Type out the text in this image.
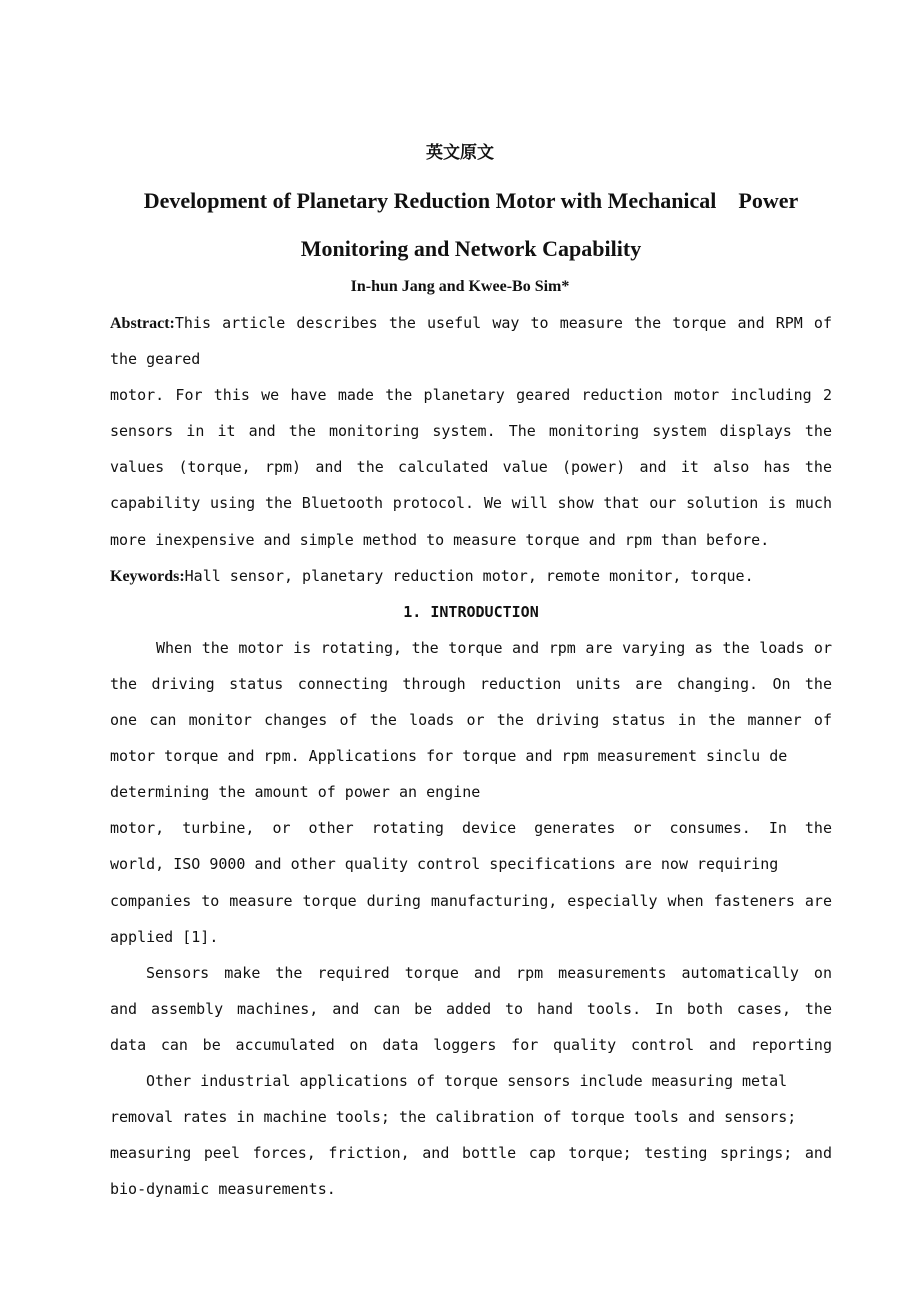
英文原文
Development of Planetary Reduction Motor with Mechanical    Power
Monitoring and Network Capability
In-hun Jang and Kwee-Bo Sim*
Abstract:This article describes the useful way to measure the torque and RPM of
the geared
motor. For this we have made the planetary geared reduction motor including 2
sensors in it and the monitoring system. The monitoring system displays the
values (torque, rpm) and the calculated value (power) and it also has the
capability using the Bluetooth protocol. We will show that our solution is much
more inexpensive and simple method to measure torque and rpm than before.
Keywords:Hall sensor, planetary reduction motor, remote monitor, torque.
1. INTRODUCTION
When the motor is rotating, the torque and rpm are varying as the loads or
the driving status connecting through reduction units are changing. On the
one can monitor changes of the loads or the driving status in the manner of
motor torque and rpm. Applications for torque and rpm measurement sinclu de
determining the amount of power an engine
motor, turbine, or other rotating device generates or consumes. In the
world, ISO 9000 and other quality control specifications are now requiring
companies to measure torque during manufacturing, especially when fasteners are
applied [1].
Sensors make the required torque and rpm measurements automatically on
and assembly machines, and can be added to hand tools. In both cases, the
data can be accumulated on data loggers for quality control and reporting
Other industrial applications of torque sensors include measuring metal
removal rates in machine tools; the calibration of torque tools and sensors;
measuring peel forces, friction, and bottle cap torque; testing springs; and
bio-dynamic measurements.
